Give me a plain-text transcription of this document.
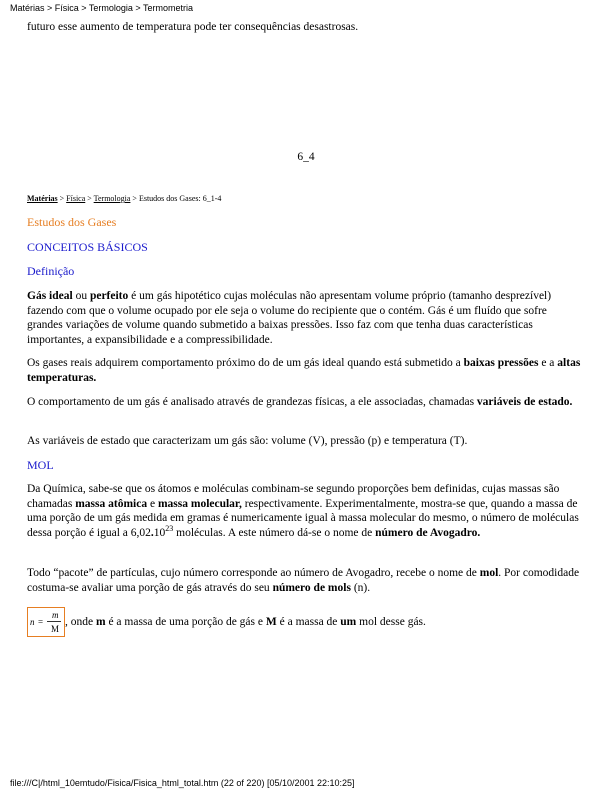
Matérias > Física > Termologia > Termometria
futuro esse aumento de temperatura pode ter consequências desastrosas.
6_4
Matérias > Física > Termologia > Estudos dos Gases: 6_1-4
Estudos dos Gases
CONCEITOS BÁSICOS
Definição

Gás ideal ou perfeito é um gás hipotético cujas moléculas não apresentam volume próprio (tamanho desprezível) fazendo com que o volume ocupado por ele seja o volume do recipiente que o contém. Gás é um fluído que sofre grandes variações de volume quando submetido a baixas pressões. Isso faz com que tenha duas características importantes, a expansibilidade e a compressibilidade.

Os gases reais adquirem comportamento próximo do de um gás ideal quando está submetido a baixas pressões e a altas temperaturas.

O comportamento de um gás é analisado através de grandezas físicas, a ele associadas, chamadas variáveis de estado.

As variáveis de estado que caracterizam um gás são: volume (V), pressão (p) e temperatura (T).

MOL

Da Química, sabe-se que os átomos e moléculas combinam-se segundo proporções bem definidas, cujas massas são chamadas massa atômica e massa molecular, respectivamente. Experimentalmente, mostra-se que, quando a massa de uma porção de um gás medida em gramas é numericamente igual à massa molecular do mesmo, o número de moléculas dessa porção é igual a 6,02.10$^{23}$ moléculas. A este número dá-se o nome de número de Avogadro.

Todo “pacote” de partículas, cujo número corresponde ao número de Avogadro, recebe o nome de mol. Por comodidade costuma-se avaliar uma porção de gás através do seu número de mols (n).

n =
m
M
, onde m é a massa de uma porção de gás e M é a massa de um mol desse gás.

file:///C|/html_10emtudo/Fisica/Fisica_html_total.htm (22 of 220) [05/10/2001 22:10:25]
